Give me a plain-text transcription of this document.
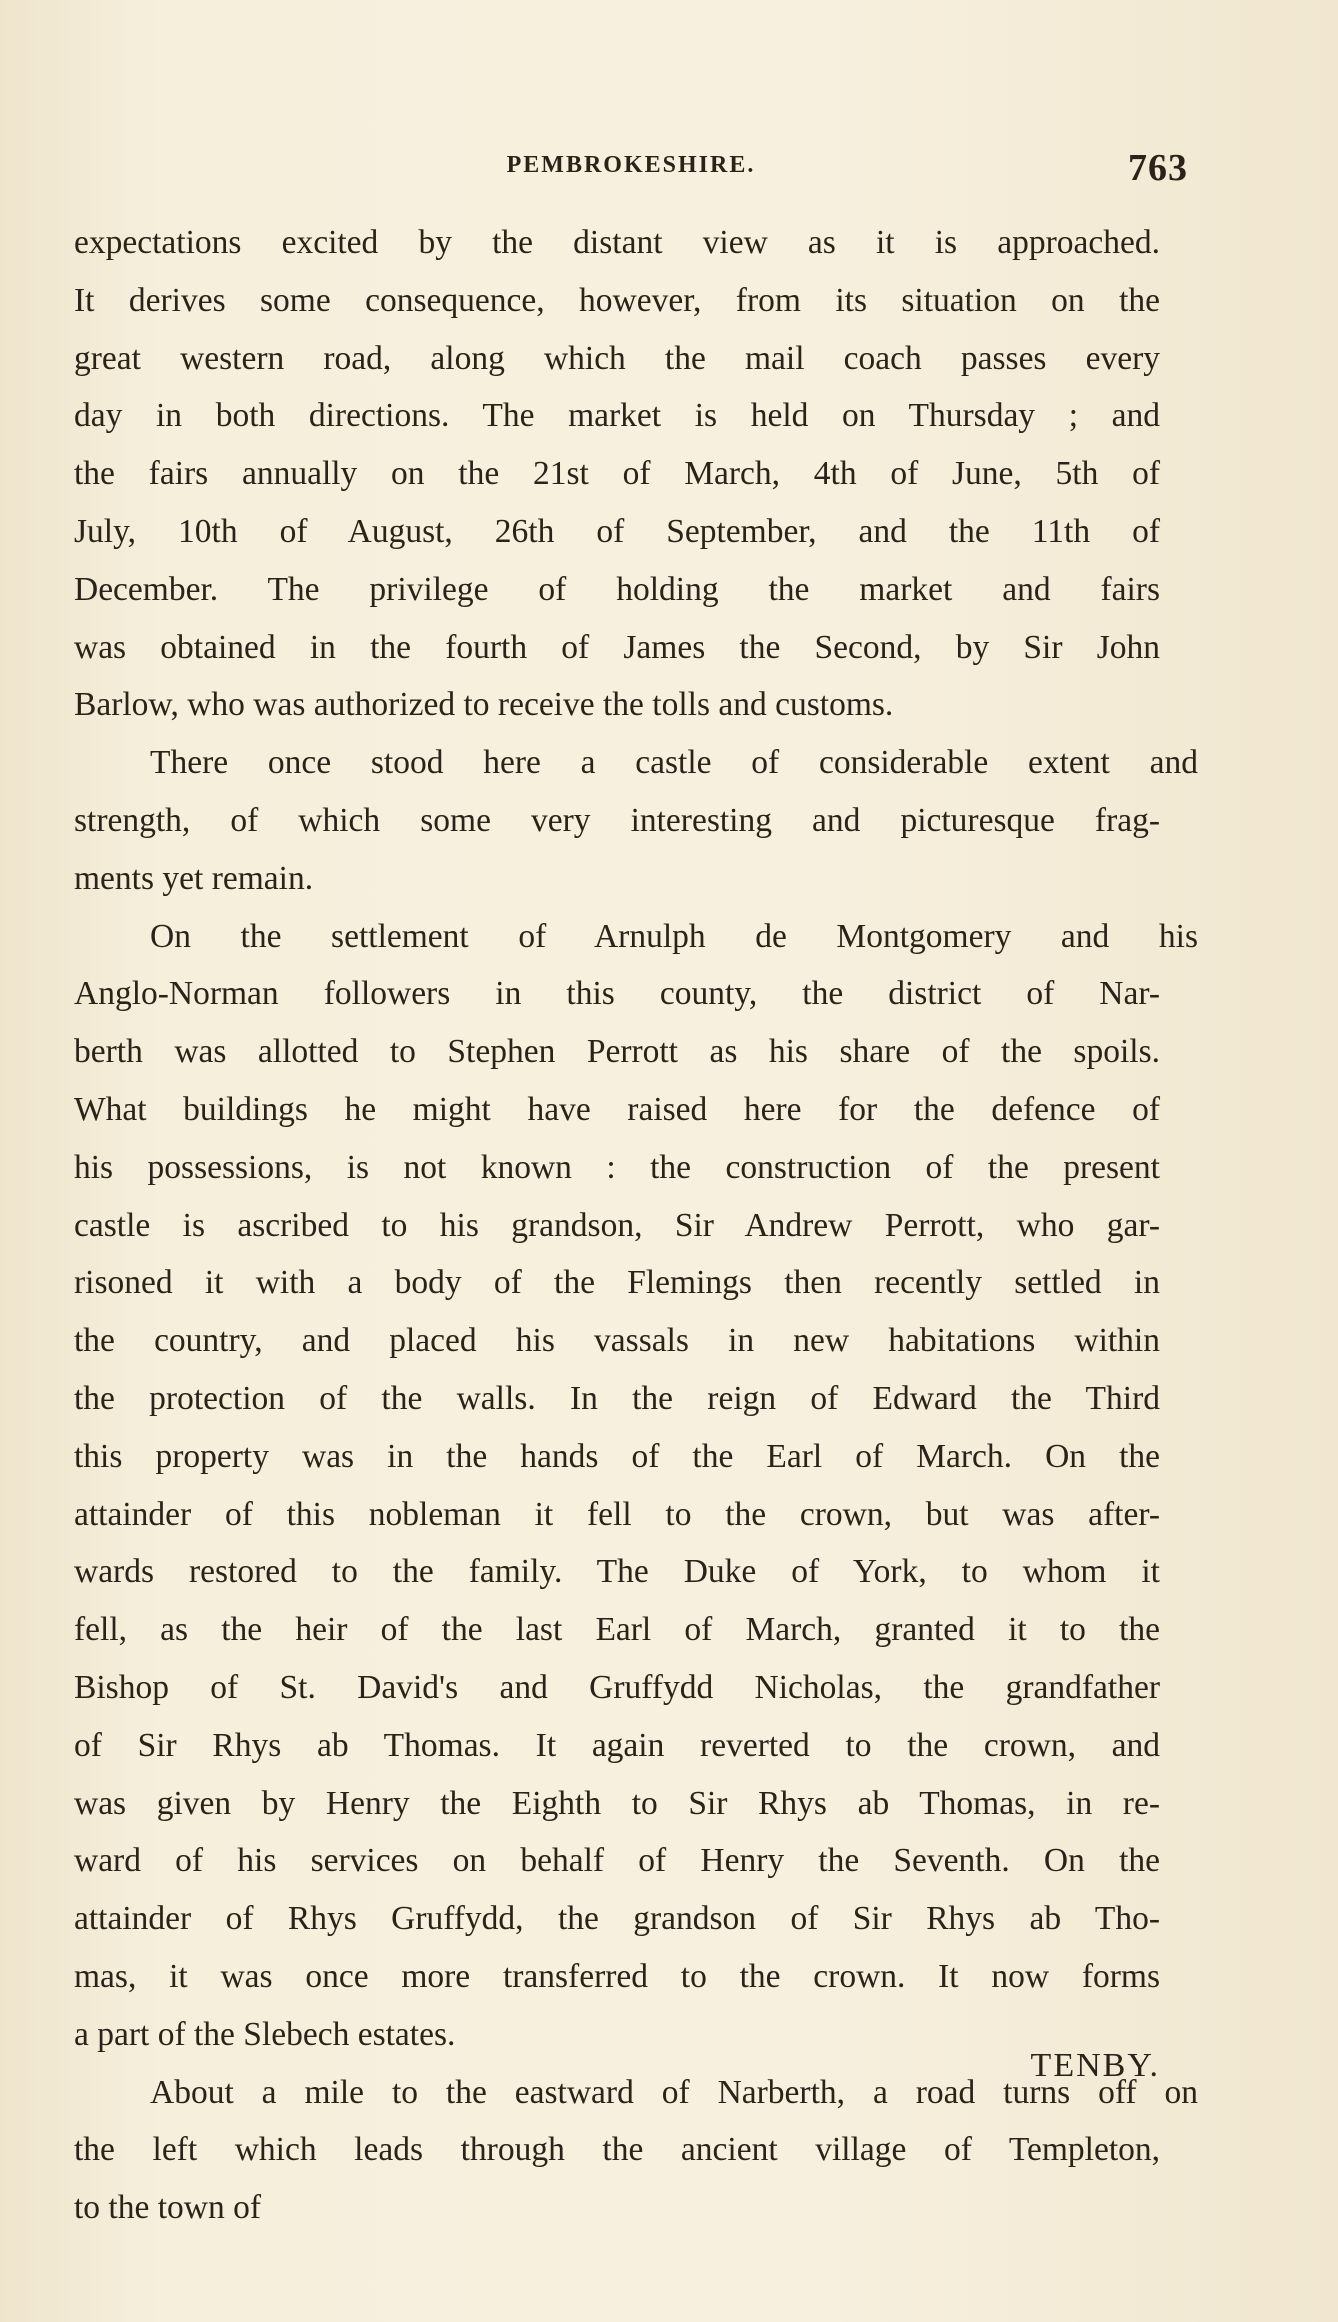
PEMBROKESHIRE.	763
expectations excited by the distant view as it is approached.
It derives some consequence, however, from its situation on the
great western road, along which the mail coach passes every
day in both directions. The market is held on Thursday ; and
the fairs annually on the 21st of March, 4th of June, 5th of
July, 10th of August, 26th of September, and the 11th of
December. The privilege of holding the market and fairs
was obtained in the fourth of James the Second, by Sir John
Barlow, who was authorized to receive the tolls and customs.
There once stood here a castle of considerable extent and
strength, of which some very interesting and picturesque frag-
ments yet remain.
On the settlement of Arnulph de Montgomery and his
Anglo-Norman followers in this county, the district of Nar-
berth was allotted to Stephen Perrott as his share of the spoils.
What buildings he might have raised here for the defence of
his possessions, is not known : the construction of the present
castle is ascribed to his grandson, Sir Andrew Perrott, who gar-
risoned it with a body of the Flemings then recently settled in
the country, and placed his vassals in new habitations within
the protection of the walls. In the reign of Edward the Third
this property was in the hands of the Earl of March. On the
attainder of this nobleman it fell to the crown, but was after-
wards restored to the family. The Duke of York, to whom it
fell, as the heir of the last Earl of March, granted it to the
Bishop of St. David's and Gruffydd Nicholas, the grandfather
of Sir Rhys ab Thomas. It again reverted to the crown, and
was given by Henry the Eighth to Sir Rhys ab Thomas, in re-
ward of his services on behalf of Henry the Seventh. On the
attainder of Rhys Gruffydd, the grandson of Sir Rhys ab Tho-
mas, it was once more transferred to the crown. It now forms
a part of the Slebech estates.
About a mile to the eastward of Narberth, a road turns off on
the left which leads through the ancient village of Templeton,
to the town of
TENBY.
